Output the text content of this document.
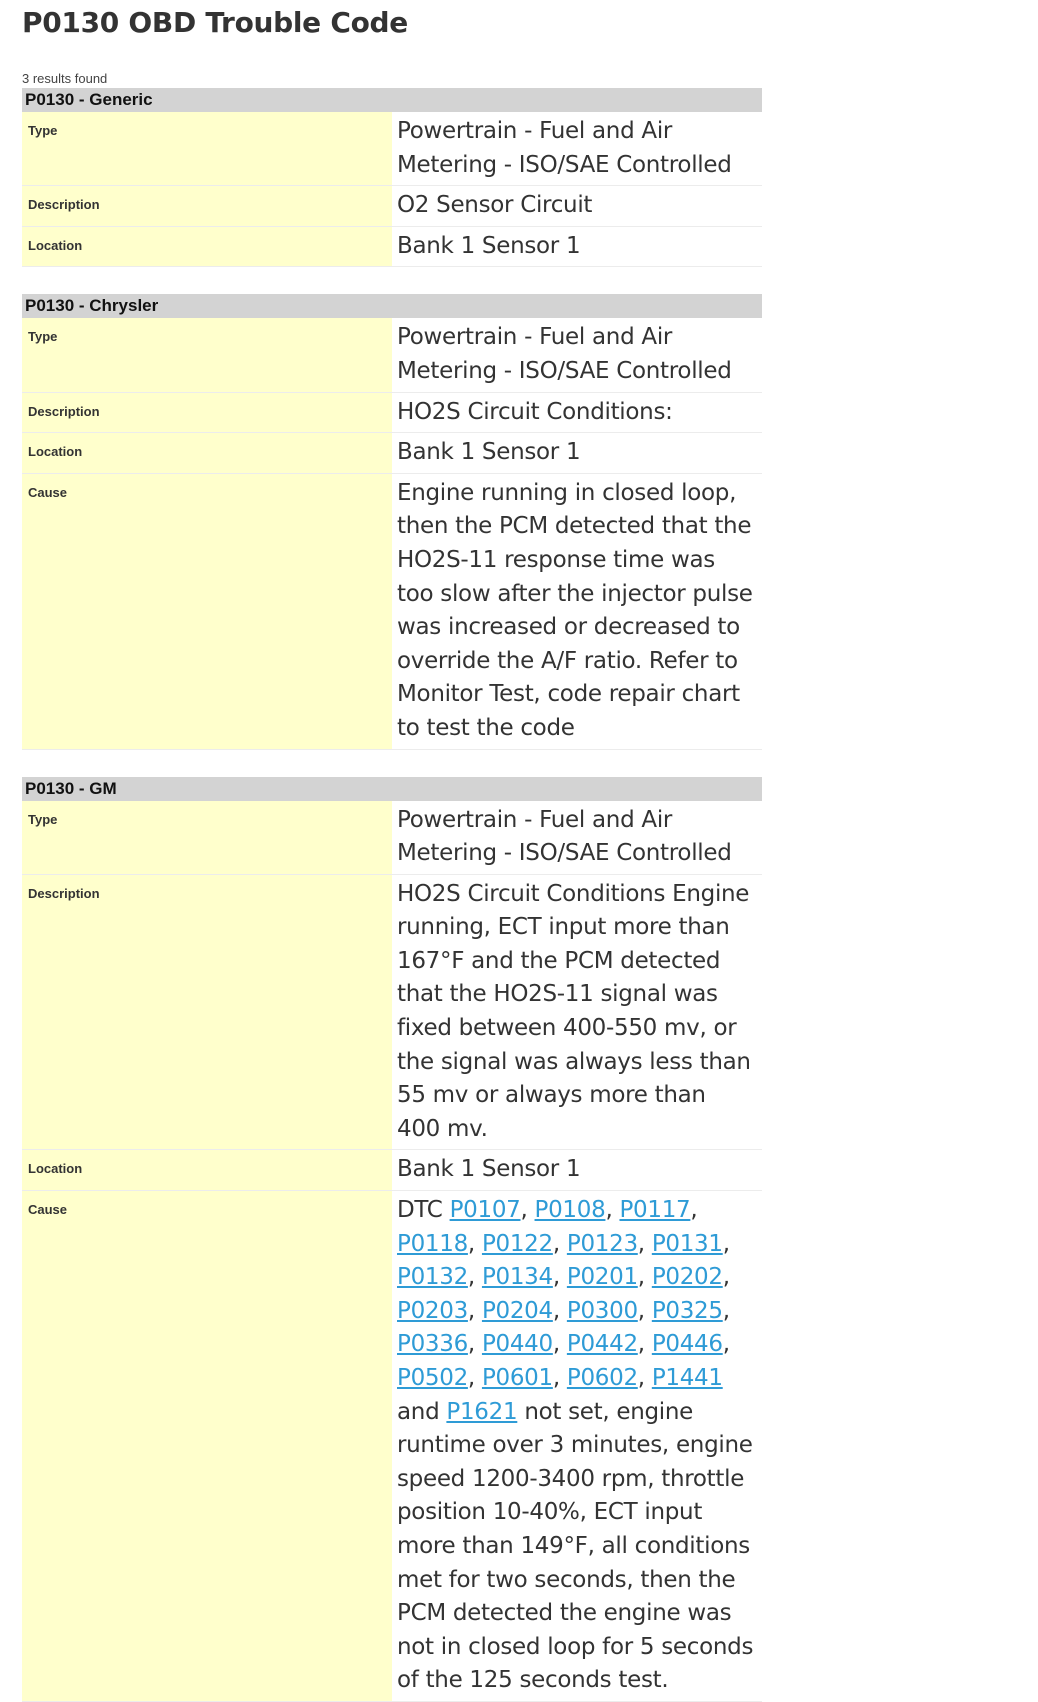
P0130 OBD Trouble Code
3 results found
P0130 - Generic	
Type	Powertrain - Fuel and Air Metering - ISO/SAE Controlled
Description	O2 Sensor Circuit
Location	Bank 1 Sensor 1
P0130 - Chrysler	
Type	Powertrain - Fuel and Air Metering - ISO/SAE Controlled
Description	HO2S Circuit Conditions:
Location	Bank 1 Sensor 1
Cause	Engine running in closed loop, then the PCM detected that the HO2S-11 response time was too slow after the injector pulse was increased or decreased to override the A/F ratio. Refer to Monitor Test, code repair chart to test the code
P0130 - GM	
Type	Powertrain - Fuel and Air Metering - ISO/SAE Controlled
Description	HO2S Circuit Conditions Engine running, ECT input more than 167°F and the PCM detected that the HO2S-11 signal was fixed between 400-550 mv, or the signal was always less than 55 mv or always more than 400 mv.
Location	Bank 1 Sensor 1
Cause	DTC P0107, P0108, P0117, P0118, P0122, P0123, P0131, P0132, P0134, P0201, P0202, P0203, P0204, P0300, P0325, P0336, P0440, P0442, P0446, P0502, P0601, P0602, P1441 and P1621 not set, engine runtime over 3 minutes, engine speed 1200-3400 rpm, throttle position 10-40%, ECT input more than 149°F, all conditions met for two seconds, then the PCM detected the engine was not in closed loop for 5 seconds of the 125 seconds test.
